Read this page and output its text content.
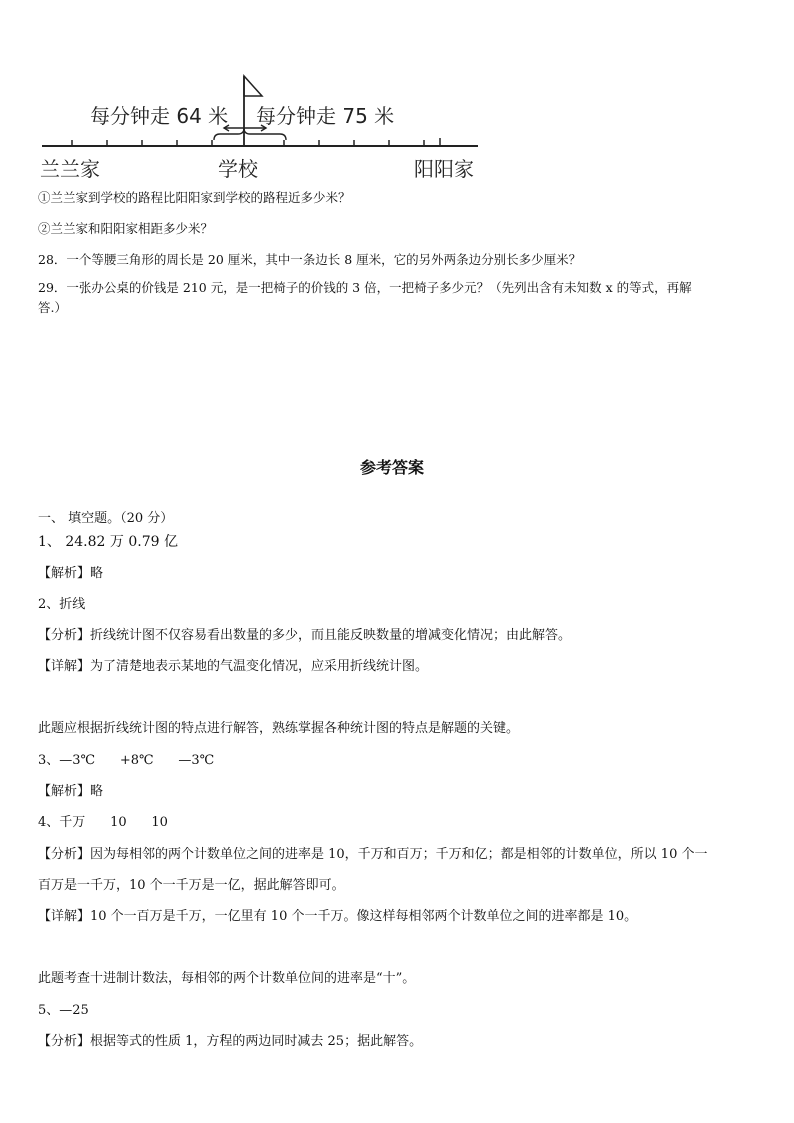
每分钟走 64 米 每分钟走 75 米
兰兰家	学校	阳阳家
①兰兰家到学校的路程比阳阳家到学校的路程近多少米？
②兰兰家和阳阳家相距多少米？
28．一个等腰三角形的周长是 20 厘米，其中一条边长 8 厘米，它的另外两条边分别长多少厘米？
29．一张办公桌的价钱是 210 元，是一把椅子的价钱的 3 倍，一把椅子多少元？（先列出含有未知数 x 的等式，再解
答.）
参考答案
一、 填空题。（20 分）
1、 24.82 万 0.79 亿
【解析】略
2、折线
【分析】折线统计图不仅容易看出数量的多少，而且能反映数量的增减变化情况；由此解答。
【详解】为了清楚地表示某地的气温变化情况，应采用折线统计图。
此题应根据折线统计图的特点进行解答，熟练掌握各种统计图的特点是解题的关键。
3、—3℃      +8℃      —3℃
【解析】略
4、千万      10      10
【分析】因为每相邻的两个计数单位之间的进率是 10，千万和百万；千万和亿；都是相邻的计数单位，所以 10 个一
百万是一千万，10 个一千万是一亿，据此解答即可。
【详解】10 个一百万是千万，一亿里有 10 个一千万。像这样每相邻两个计数单位之间的进率都是 10。
此题考查十进制计数法，每相邻的两个计数单位间的进率是“十”。
5、—25
【分析】根据等式的性质 1，方程的两边同时减去 25；据此解答。
